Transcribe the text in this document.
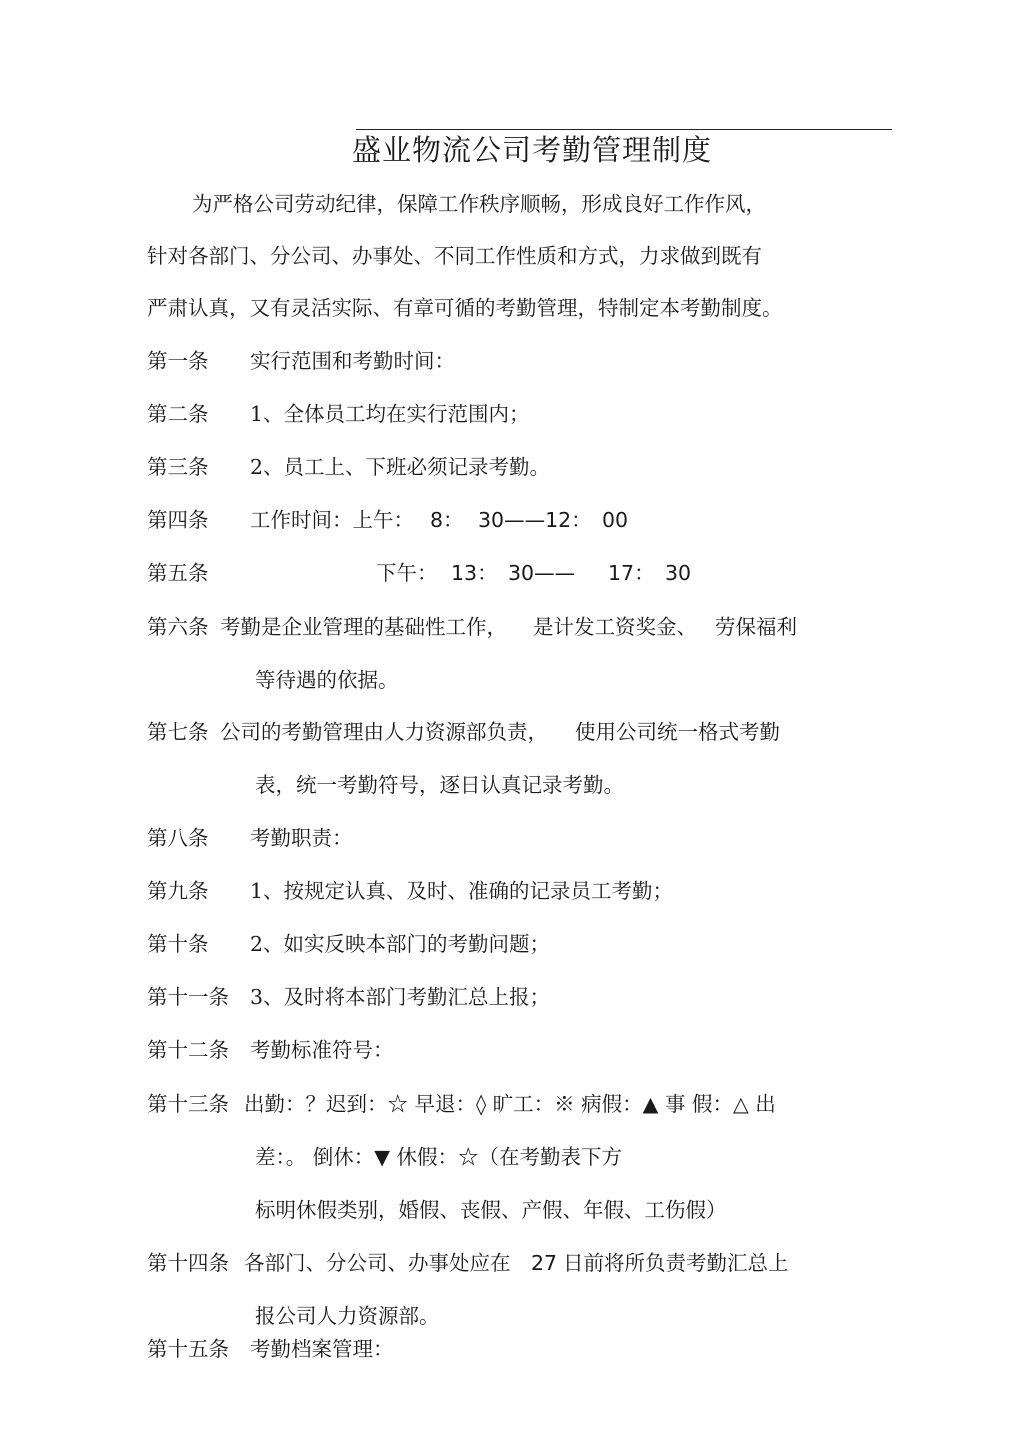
盛业物流公司考勤管理制度
为严格公司劳动纪律，保障工作秩序顺畅，形成良好工作作风，
针对各部门、分公司、办事处、不同工作性质和方式，力求做到既有
严肃认真，又有灵活实际、有章可循的考勤管理，特制定本考勤制度。
第一条 实行范围和考勤时间：
第二条 1、全体员工均在实行范围内；
第三条 2、员工上、下班必须记录考勤。
第四条 工作时间：上午： 8： 30——12： 00
第五条	下午： 13： 30—— 17： 30
第六条 考勤是企业管理的基础性工作， 是计发工资奖金、 劳保福利
等待遇的依据。
第七条 公司的考勤管理由人力资源部负责， 使用公司统一格式考勤
表，统一考勤符号，逐日认真记录考勤。
第八条 考勤职责：
第九条 1、按规定认真、及时、准确的记录员工考勤；
第十条 2、如实反映本部门的考勤问题；
第十一条 3、及时将本部门考勤汇总上报；
第十二条 考勤标准符号：
第十三条 出勤：？迟到：☆ 早退：◊ 旷工：※ 病假：▲ 事 假：△ 出
差：。 倒休：▼ 休假：☆（在考勤表下方
标明休假类别，婚假、丧假、产假、年假、工伤假）
第十四条 各部门、分公司、办事处应在 27 日前将所负责考勤汇总上
报公司人力资源部。
第十五条 考勤档案管理：
